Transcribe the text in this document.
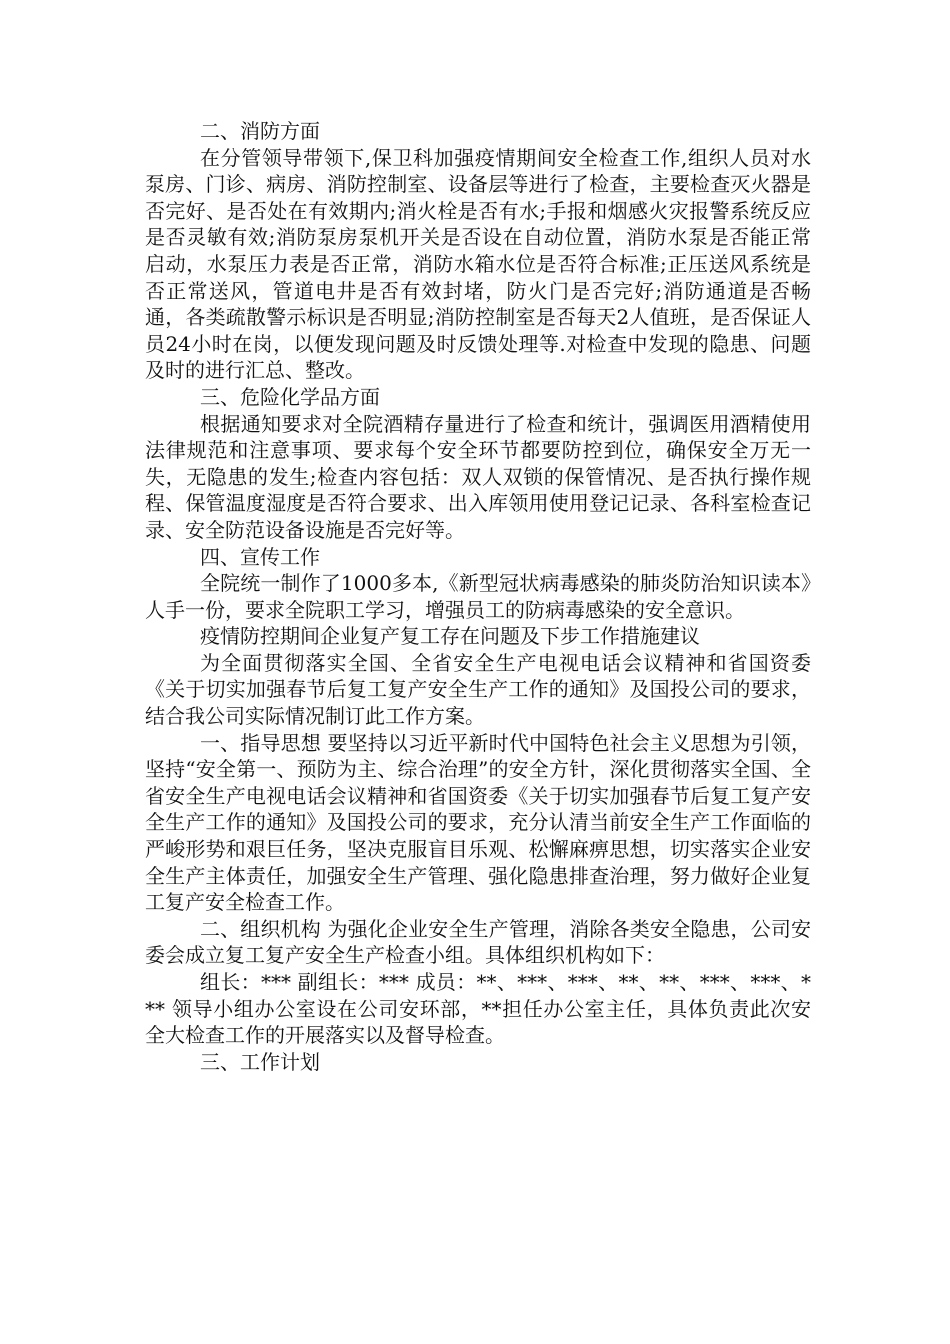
二、消防方面

在分管领导带领下,保卫科加强疫情期间安全检查工作,组织人员对水泵房、门诊、病房、消防控制室、设备层等进行了检查，主要检查灭火器是否完好、是否处在有效期内;消火栓是否有水;手报和烟感火灾报警系统反应是否灵敏有效;消防泵房泵机开关是否设在自动位置，消防水泵是否能正常启动，水泵压力表是否正常，消防水箱水位是否符合标准;正压送风系统是否正常送风，管道电井是否有效封堵，防火门是否完好;消防通道是否畅通，各类疏散警示标识是否明显;消防控制室是否每天2人值班，是否保证人员24小时在岗，以便发现问题及时反馈处理等.对检查中发现的隐患、问题及时的进行汇总、整改。

三、危险化学品方面

根据通知要求对全院酒精存量进行了检查和统计，强调医用酒精使用法律规范和注意事项、要求每个安全环节都要防控到位，确保安全万无一失，无隐患的发生;检查内容包括：双人双锁的保管情况、是否执行操作规程、保管温度湿度是否符合要求、出入库领用使用登记记录、各科室检查记录、安全防范设备设施是否完好等。

四、宣传工作

全院统一制作了1000多本,《新型冠状病毒感染的肺炎防治知识读本》人手一份，要求全院职工学习，增强员工的防病毒感染的安全意识。

疫情防控期间企业复产复工存在问题及下步工作措施建议

为全面贯彻落实全国、全省安全生产电视电话会议精神和省国资委《关于切实加强春节后复工复产安全生产工作的通知》及国投公司的要求，结合我公司实际情况制订此工作方案。

一、指导思想 要坚持以习近平新时代中国特色社会主义思想为引领，坚持“安全第一、预防为主、综合治理”的安全方针，深化贯彻落实全国、全省安全生产电视电话会议精神和省国资委《关于切实加强春节后复工复产安全生产工作的通知》及国投公司的要求，充分认清当前安全生产工作面临的严峻形势和艰巨任务，坚决克服盲目乐观、松懈麻痹思想，切实落实企业安全生产主体责任，加强安全生产管理、强化隐患排查治理，努力做好企业复工复产安全检查工作。

二、组织机构 为强化企业安全生产管理，消除各类安全隐患，公司安委会成立复工复产安全生产检查小组。具体组织机构如下：

组长：*** 副组长：*** 成员：**、***、***、**、**、***、***、*** 领导小组办公室设在公司安环部，**担任办公室主任，具体负责此次安全大检查工作的开展落实以及督导检查。

三、工作计划
